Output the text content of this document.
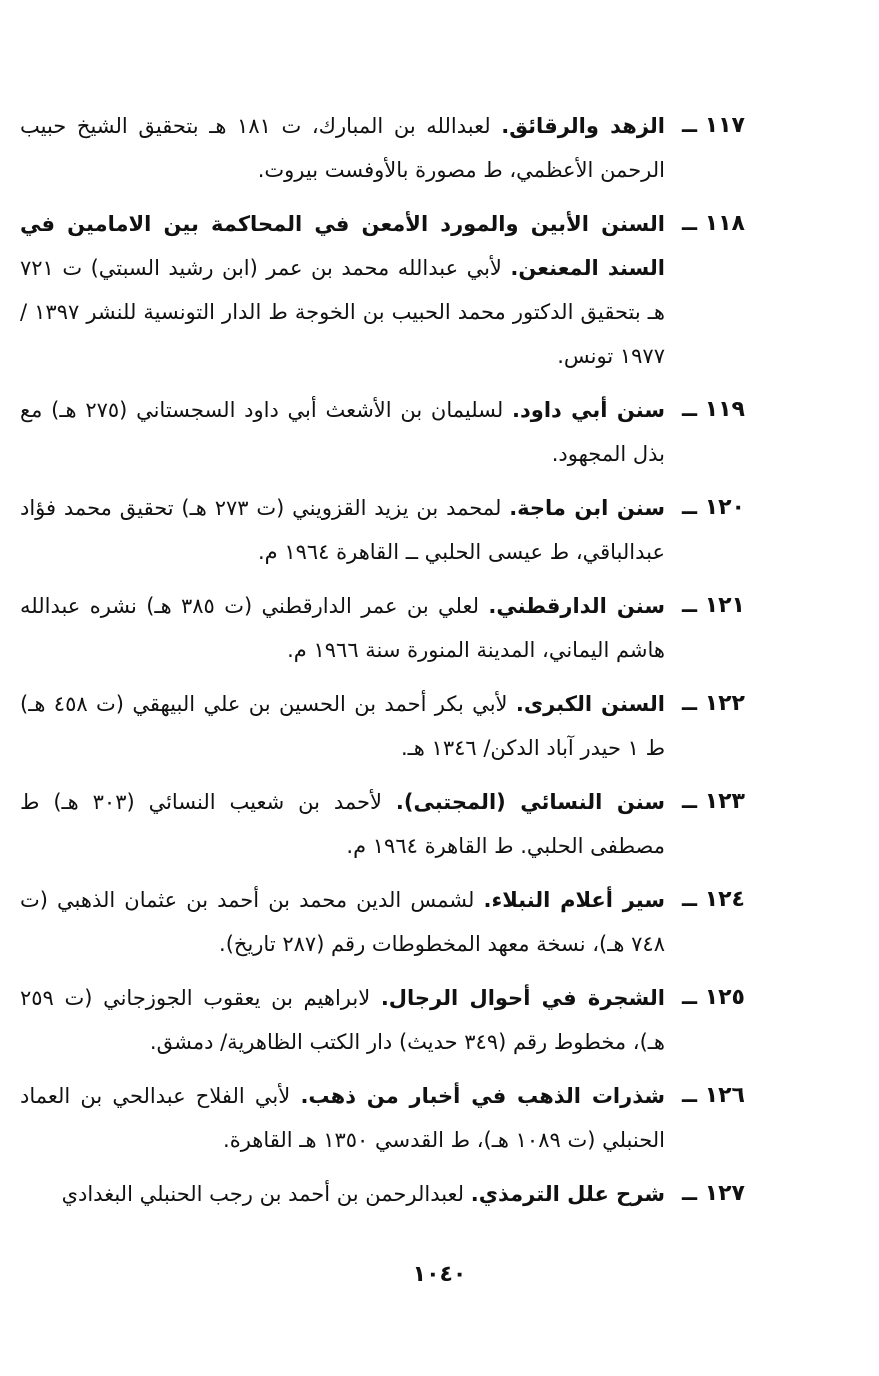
١١٧ ــ
الزهد والرقائق. لعبدالله بن المبارك، ت ١٨١ هـ بتحقيق الشيخ حبيب الرحمن الأعظمي، ط مصورة بالأوفست بيروت.
١١٨ ــ
السنن الأبين والمورد الأمعن في المحاكمة بين الامامين في السند المعنعن. لأبي عبدالله محمد بن عمر (ابن رشيد السبتي) ت ٧٢١ هـ بتحقيق الدكتور محمد الحبيب بن الخوجة ط الدار التونسية للنشر ١٣٩٧ / ١٩٧٧ تونس.
١١٩ ــ
سنن أبي داود. لسليمان بن الأشعث أبي داود السجستاني (٢٧٥ هـ) مع بذل المجهود.
١٢٠ ــ
سنن ابن ماجة. لمحمد بن يزيد القزويني (ت ٢٧٣ هـ) تحقيق محمد فؤاد عبدالباقي، ط عيسى الحلبي ــ القاهرة ١٩٦٤ م.
١٢١ ــ
سنن الدارقطني. لعلي بن عمر الدارقطني (ت ٣٨٥ هـ) نشره عبدالله هاشم اليماني، المدينة المنورة سنة ١٩٦٦ م.
١٢٢ ــ
السنن الكبرى. لأبي بكر أحمد بن الحسين بن علي البيهقي (ت ٤٥٨ هـ) ط ١ حيدر آباد الدكن/ ١٣٤٦ هـ.
١٢٣ ــ
سنن النسائي (المجتبى). لأحمد بن شعيب النسائي (٣٠٣ هـ) ط مصطفى الحلبي. ط القاهرة ١٩٦٤ م.
١٢٤ ــ
سير أعلام النبلاء. لشمس الدين محمد بن أحمد بن عثمان الذهبي (ت ٧٤٨ هـ)، نسخة معهد المخطوطات رقم (٢٨٧ تاريخ).
١٢٥ ــ
الشجرة في أحوال الرجال. لابراهيم بن يعقوب الجوزجاني (ت ٢٥٩ هـ)، مخطوط رقم (٣٤٩ حديث) دار الكتب الظاهرية/ دمشق.
١٢٦ ــ
شذرات الذهب في أخبار من ذهب. لأبي الفلاح عبدالحي بن العماد الحنبلي (ت ١٠٨٩ هـ)، ط القدسي ١٣٥٠ هـ القاهرة.
١٢٧ ــ
شرح علل الترمذي. لعبدالرحمن بن أحمد بن رجب الحنبلي البغدادي
١٠٤٠
